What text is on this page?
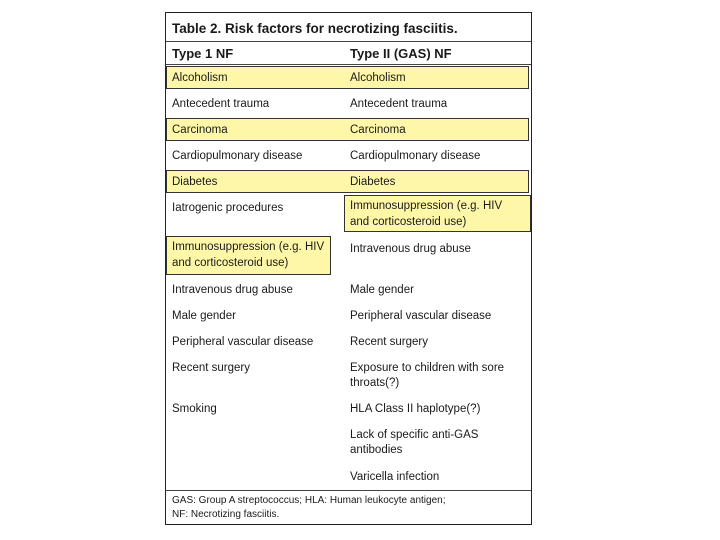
Table 2. Risk factors for necrotizing fasciitis.
Type 1 NF	Type II (GAS) NF
Alcoholism
Antecedent trauma
Carcinoma
Cardiopulmonary disease
Diabetes
Iatrogenic procedures
Immunosuppression (e.g. HIV
and corticosteroid use)
Intravenous drug abuse
Male gender
Peripheral vascular disease
Recent surgery
Smoking
Alcoholism
Antecedent trauma
Carcinoma
Cardiopulmonary disease
Diabetes
Immunosuppression (e.g. HIV
and corticosteroid use)
Intravenous drug abuse
Male gender
Peripheral vascular disease
Recent surgery
Exposure to children with sore
throats(?)
HLA Class II haplotype(?)
Lack of specific anti-GAS
antibodies
Varicella infection
GAS: Group A streptococcus; HLA: Human leukocyte antigen;
NF: Necrotizing fasciitis.
